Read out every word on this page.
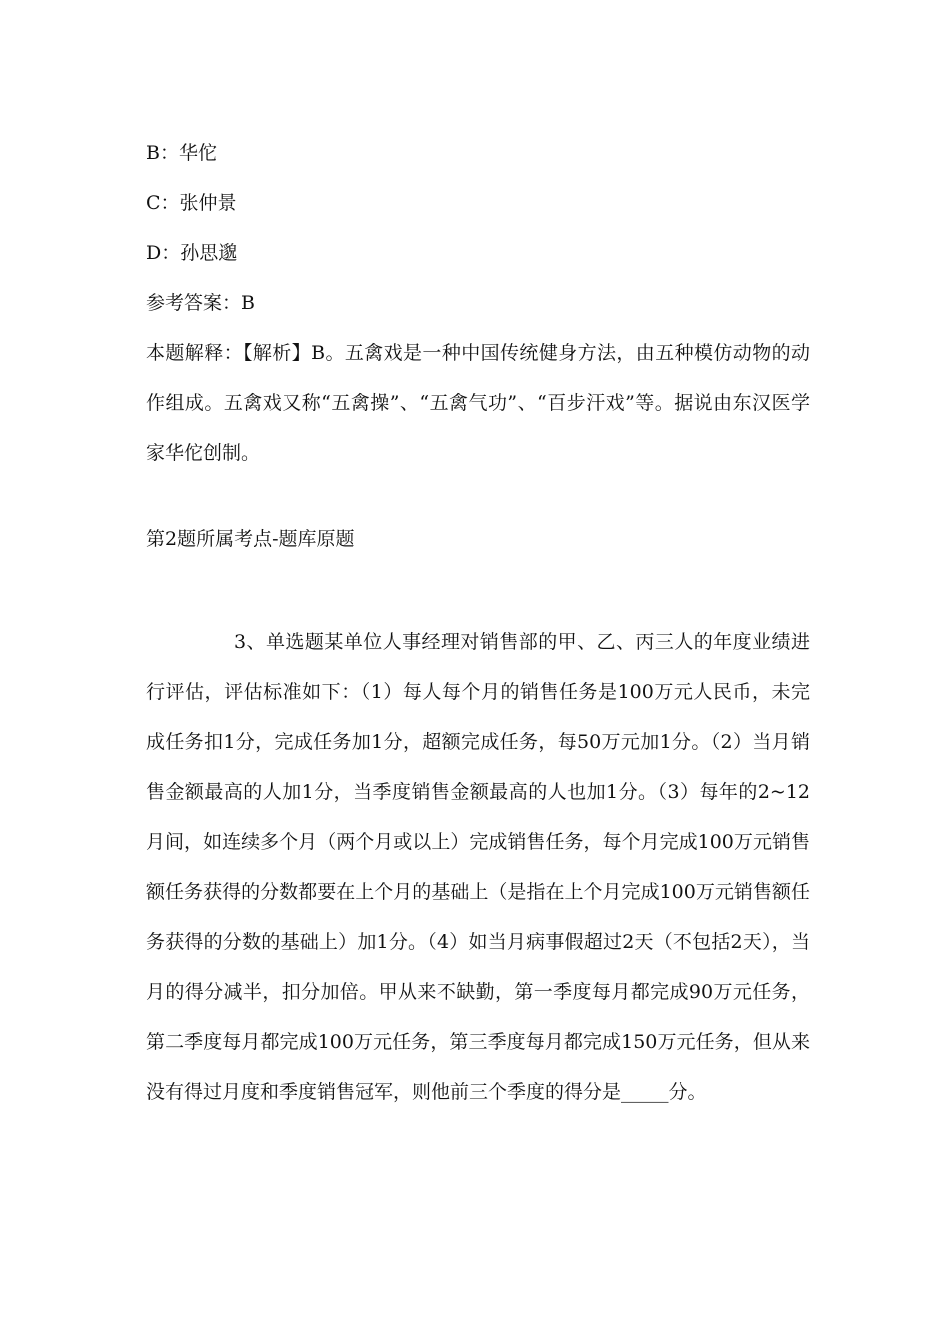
B：华佗
C：张仲景
D：孙思邈
参考答案：B

本题解释：【解析】B。五禽戏是一种中国传统健身方法，由五种模仿动物的动作组成。五禽戏又称“五禽操”、“五禽气功”、“百步汗戏”等。据说由东汉医学家华佗创制。

第2题所属考点-题库原题

3、单选题某单位人事经理对销售部的甲、乙、丙三人的年度业绩进行评估，评估标准如下：（1）每人每个月的销售任务是100万元人民币，未完成任务扣1分，完成任务加1分，超额完成任务，每50万元加1分。（2）当月销售金额最高的人加1分，当季度销售金额最高的人也加1分。（3）每年的2~12月间，如连续多个月（两个月或以上）完成销售任务，每个月完成100万元销售额任务获得的分数都要在上个月的基础上（是指在上个月完成100万元销售额任务获得的分数的基础上）加1分。（4）如当月病事假超过2天（不包括2天），当月的得分减半，扣分加倍。甲从来不缺勤，第一季度每月都完成90万元任务，第二季度每月都完成100万元任务，第三季度每月都完成150万元任务，但从来没有得过月度和季度销售冠军，则他前三个季度的得分是_____分。
